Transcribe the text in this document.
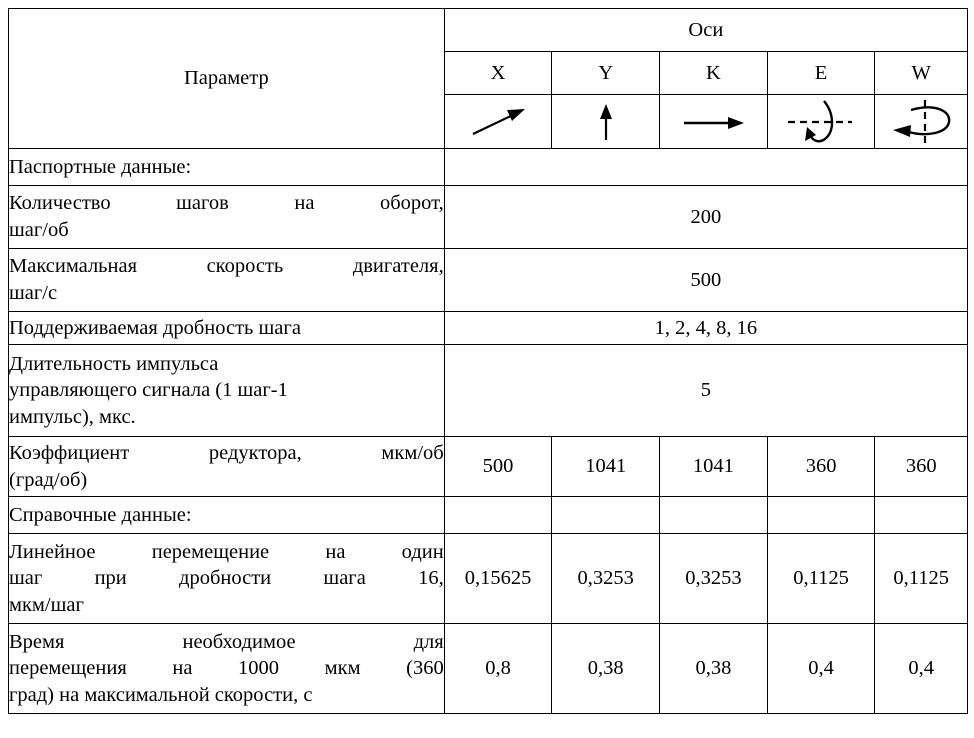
Параметр	Оси				
	X	Y	K	E	W

Паспортные данные:					

Количество шагов на оборот,
шаг/об	200				

Максимальная скорость двигателя,
шаг/с	500				

Поддерживаемая дробность шага	1, 2, 4, 8, 16				

Длительность импульса
управляющего сигнала (1 шаг-1
импульс), мкс.	5				

Коэффициент редуктора, мкм/об
(град/об)	500	1041	1041	360	360
Справочные данные:					

Линейное перемещение на один
шаг при дробности шага 16,
мкм/шаг	0,15625	0,3253	0,3253	0,1125	0,1125

Время необходимое для
перемещения на 1000 мкм (360
град) на максимальной скорости, с	0,8	0,38	0,38	0,4	0,4
